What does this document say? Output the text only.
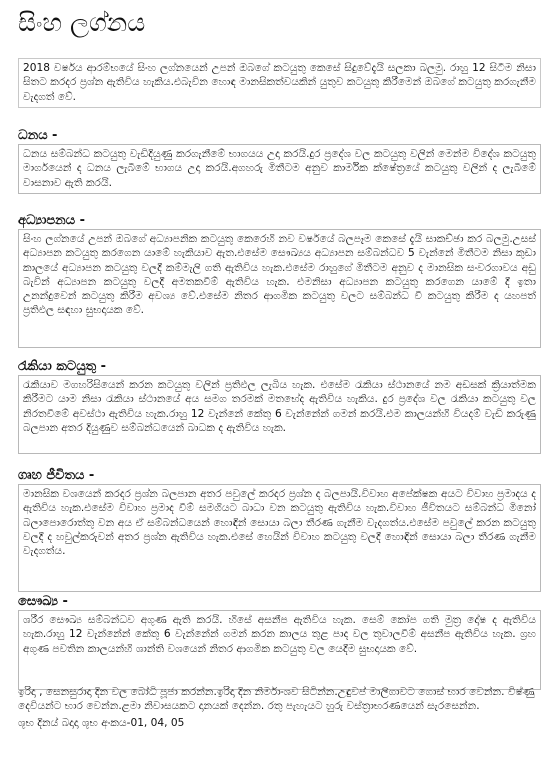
සිංහ ලග්නය
2018 වර්ෂය ආරම්භයේ සිංහ ලග්නයෙන් උපන් ඔබගේ කටයුතු කෙසේ සිදුවේදැයි සලකා බලමු. රාහු 12 සිටීම නිසා සිතට කරදර ප්‍රශ්න ඇතිවිය හැකිය.එබැවින හොඳ මානසිකත්වයකින් යුතුව කටයුතු කිරීමෙන් ඔබගේ කටයුතු කරගැනීම වැදගත් වේ.
ධනය -
ධනය සම්බන්ධ කටයුතු වැඩිදියුණු කරගැනීමේ භාගයය උදා කරයි.දුර ප්‍රදේශ වල කටයුතු වලින් මෙන්ම විදේශ කටයුතු මාර්ගයෙන් ද ධනය ලැබීමේ භාගය උදා කරයි.අගහරු මිතීටම අනුව කාර්මික ක්ෂේත්‍රයේ කටයුතු වලින් ද ලැබීමේ වාසනාව ඇති කරයි.
අධ්‍යාපනය -
සිංහ ලග්නයේ උපන් ඔබගේ අධ්‍යාපනික කටයුතු කෙරෙහි නව වර්ෂයේ බලපෑම කෙසේ දැයි සාකච්ඡා කර බලමු.උසස් අධ්‍යාපන කටයුතු කරගෙන යාමේ හැකියාව ඇත.එසේම සෞඛ්‍යය අධ්‍යාපන සම්බන්ධව 5 වැන්නේ මිතීටම නිසා කුඩා කාලයේ අධ්‍යාපන කටයුතු වලදී කම්මැලි ගති ඇතිවිය හැක.එසේම රාහුගේ මිතීටම අනුව ද මානසික සංවරගාවය අඩු බැවින් අධ්‍යාපන කටයුතු වලදී අමතකවීම් ඇතිවිය හැක. එමනිසා අධ්‍යාපන කටයුතු කරගෙන යාමේ දී ඉතා උනන්දුවෙන් කටයුතු කිරීම අවශ්‍ය වේ.එසේම නිතර ආගමික කටයුතු වලට සම්බන්ධ වී කටයුතු කිරීම ද යහපත් ප්‍රතිඵල සඳහා සුභදායක වේ.
රැකියා කටයුතු -
රැකියාව මගහරිසියෙන් කරන කටයුතු වලින් ප්‍රතිඵල ලැබිය හැක. එසේම රැකියා ස්ථානයේ නම අඩසක් ක්‍රියාත්මක කිරීමට යාම නිසා රැකියා ස්ථානයේ අය සමග තරමක් මතභේද ඇතිවිය හැකිය. දුර ප්‍රදේශ වල රැකියා කටයුතු වල නිරතවීමේ අවස්ථා ඇතිවිය හැක.රාහු 12 වැන්නේ කේතු 6 වැන්නේන් ගමන් කරයි.එම කාලයන්හි වියදම් වැඩි කරුණු බලපාන අතර දියුණුව සම්බන්ධයෙන් බාධක ද ඇතිවිය හැක.
ගෘහ ජීවිතය -
මානසික වශයෙන් කරදර ප්‍රශ්න බලපාන අතර පවුලේ කරදර ප්‍රශ්න ද බලපායි.විවාහ අපේක්ෂක අයට විවාහ ප්‍රමාදය ද ඇතිවිය හැක.එසේම විවාහ ප්‍රමාද වීම් සමගියට බාධා වන කටයුතු ඇතිවිය හැක.විවාහ ජීවිතයට සම්බන්ධ මිනෝ බලාපොරොත්තු වන අය ඒ සම්බන්ධයෙන් හොඳින් සොයා බලා තීරණ ගැනීම වැදගත්ය.එසේම පවුලේ කරන කටයුතු වලදී ද හවුල්කරුවන් අතර ප්‍රශ්න ඇතිවිය හැක.එසේ හෙයින් විවාහ කටයුතු වලදී හොඳින් සොයා බලා තීරණ ගැනීම වැදගත්ය.
සෞඛ්‍ය -
ශරීර සෞඛ්‍ය සම්බන්ධව අගුණ ඇති කරයි. හිසේ අසනීප ඇතිවිය හැක. සෙම් කෝප ගති මුත්‍ර දෝෂ ද ඇතිවිය හැක.රාහු 12 වැන්නේන් කේතු 6 වැන්නේන් ගමන් කරන කාලය තුළ පාද වල තුවාලවීම් අසනීප ඇතිවිය හැක. ග්‍රහ අගුණ පවතින කාලයන්හි ශාන්ති වශයෙන් නිතර ආගමික කටයුතු වල යෙදීම සුභදායක වේ.

ඉරිදා , සෙනසුරාදා දින වල බෝධි පූජා කරන්න.ඉරිදා දින නිර්මාංශව සිටින්න.උඳුවප් මාලිගාවට ගොස් භාර වෙන්න. විෂ්ණු දෙවියන්ට භාර වෙන්න.ළමා නිවාසයකට දානයක් දෙන්න. රතු පැහැයට හුරු වස්ත්‍රාභරණයෙන් සැරසෙන්න.

ශුභ දිනය් බදාදා ශුභ අංකය-01, 04, 05
